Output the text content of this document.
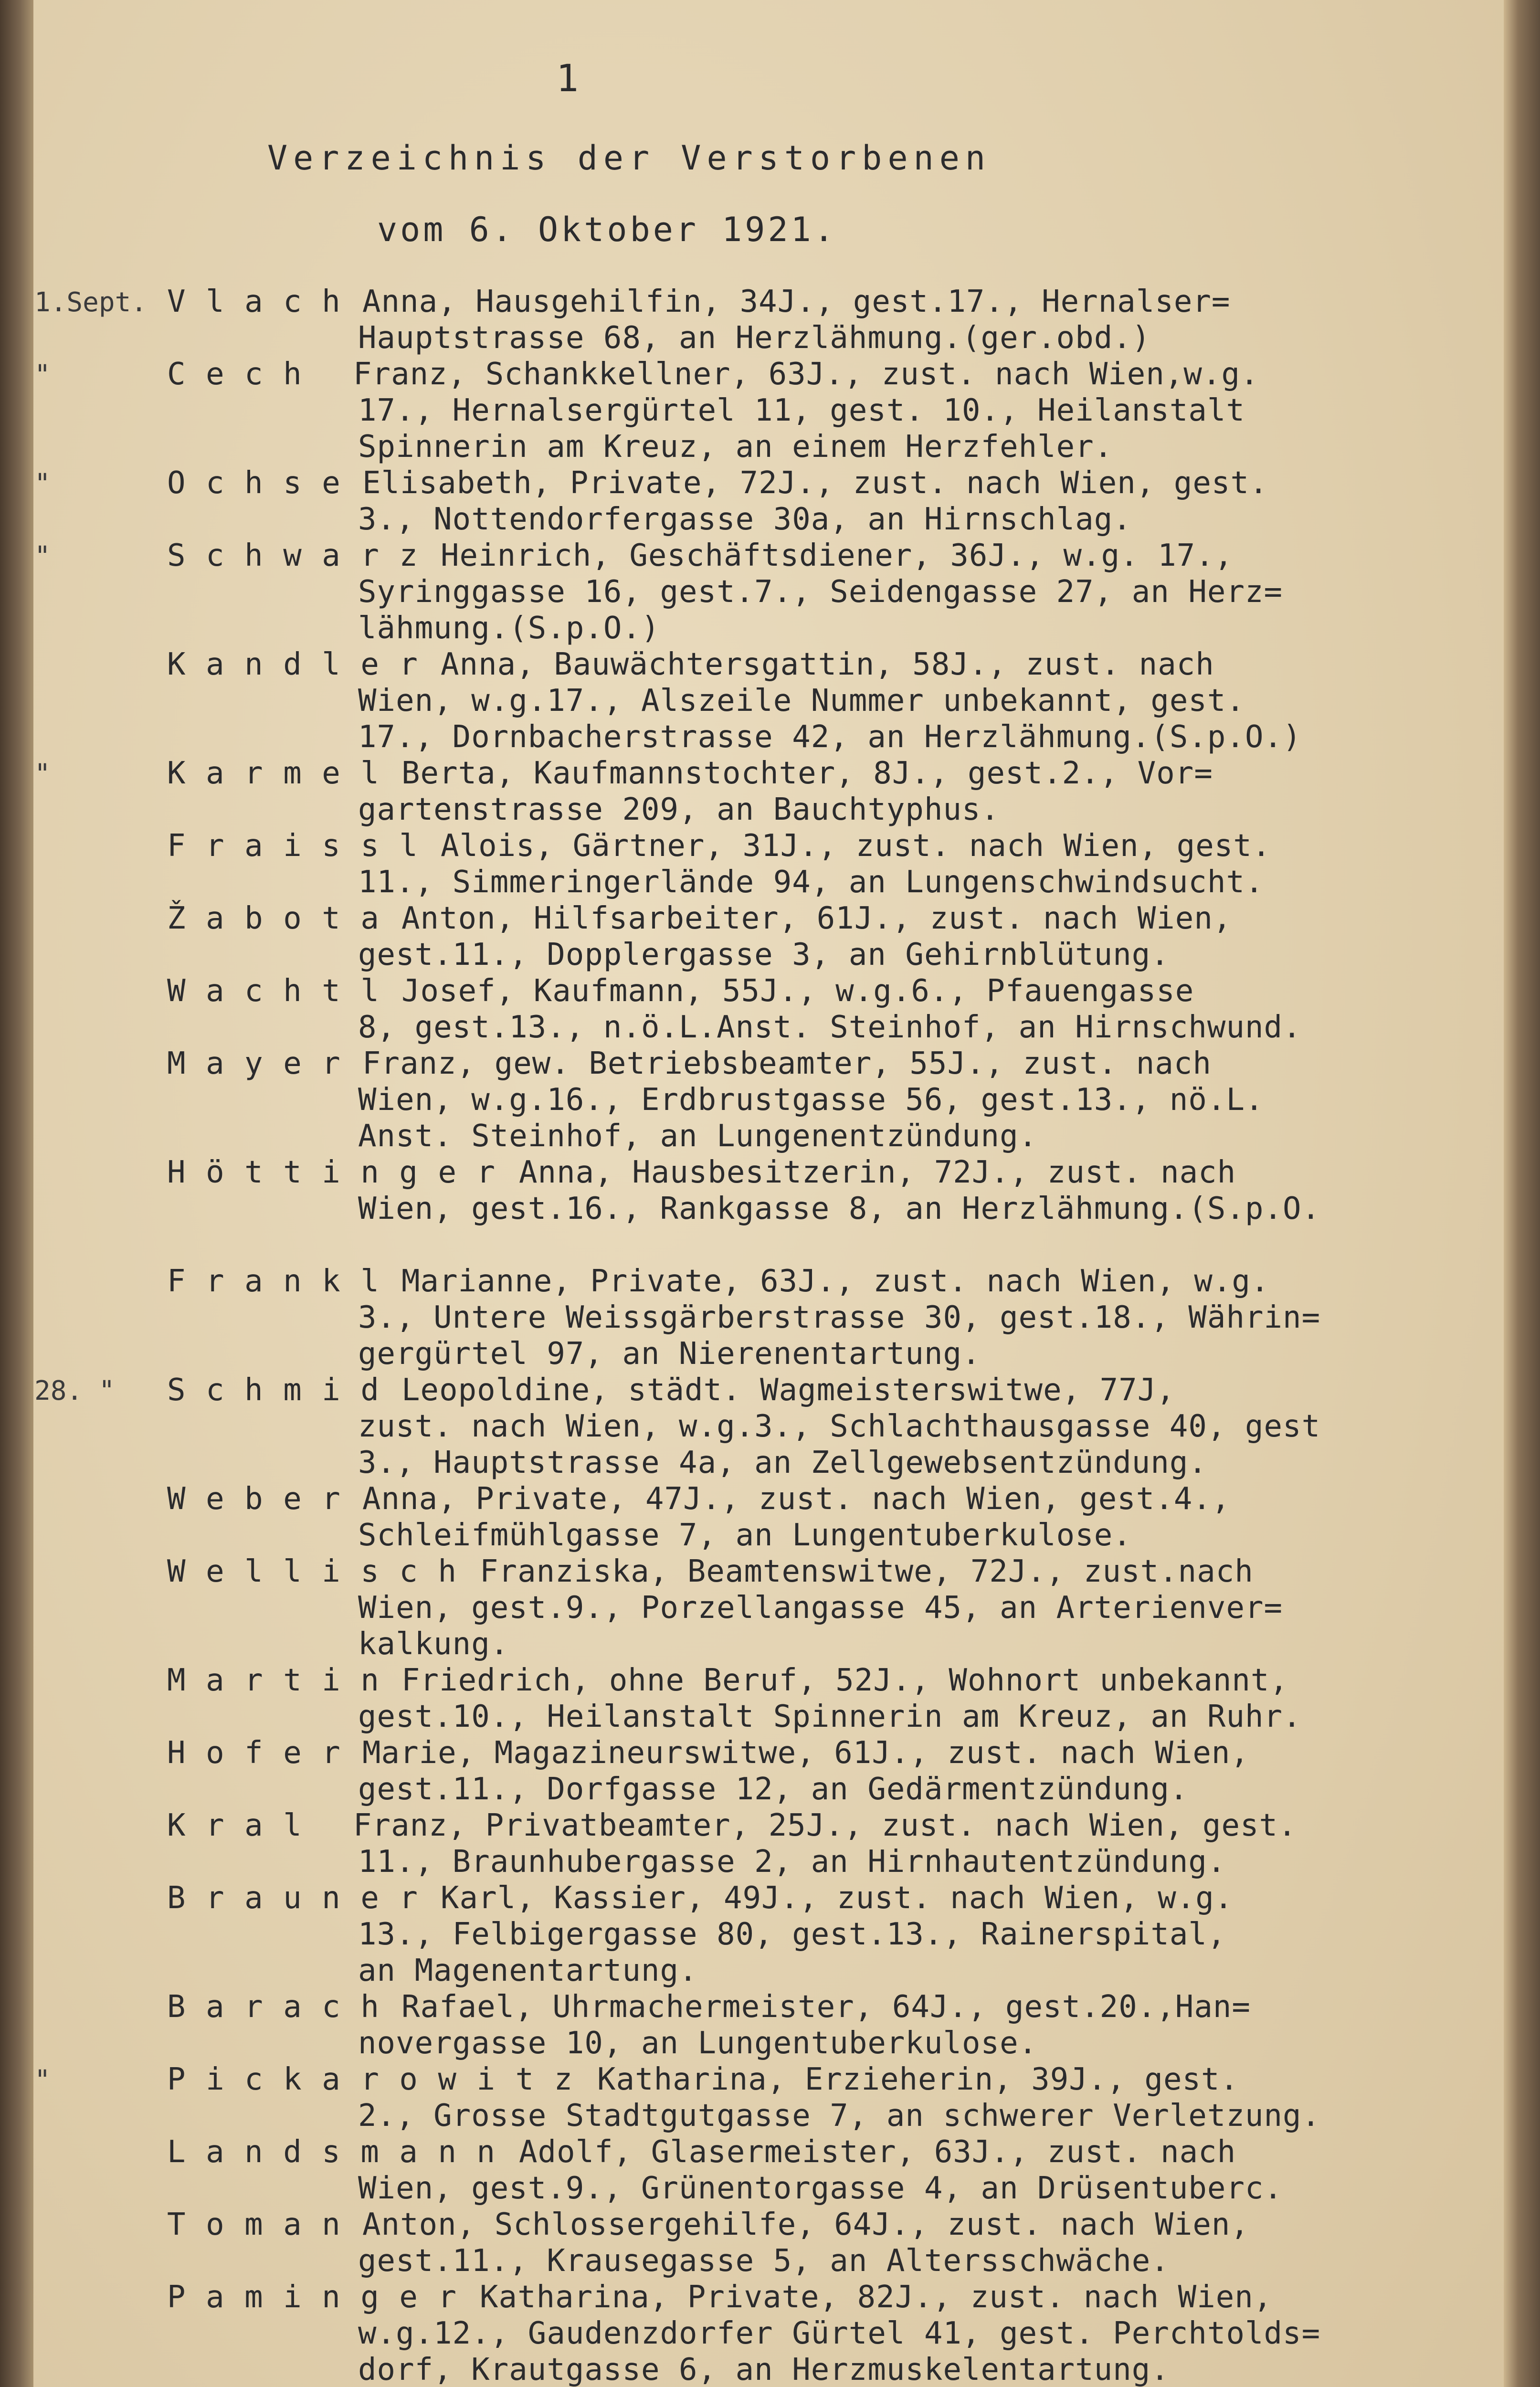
1
Verzeichnis der Verstorbenen
vom 6. Oktober 1921.
1.Sept. V l a c h Anna, Hausgehilfin, 34J., gest.17., Hernalser=
Hauptstrasse 68, an Herzlähmung.(ger.obd.)
"	C e c h Franz, Schankkellner, 63J., zust. nach Wien,w.g.
17., Hernalsergürtel 11, gest. 10., Heilanstalt
Spinnerin am Kreuz, an einem Herzfehler.
"	O c h s e Elisabeth, Private, 72J., zust. nach Wien, gest.
3., Nottendorfergasse 30a, an Hirnschlag.
"	S c h w a r z Heinrich, Geschäftsdiener, 36J., w.g. 17.,
Syringgasse 16, gest.7., Seidengasse 27, an Herz=
lähmung.(S.p.O.)
K a n d l e r Anna, Bauwächtersgattin, 58J., zust. nach
Wien, w.g.17., Alszeile Nummer unbekannt, gest.
17., Dornbacherstrasse 42, an Herzlähmung.(S.p.O.)
"	K a r m e l Berta, Kaufmannstochter, 8J., gest.2., Vor=
gartenstrasse 209, an Bauchtyphus.
F r a i s s l Alois, Gärtner, 31J., zust. nach Wien, gest.
11., Simmeringerlände 94, an Lungenschwindsucht.
Ž a b o t a Anton, Hilfsarbeiter, 61J., zust. nach Wien,
gest.11., Dopplergasse 3, an Gehirnblütung.
W a c h t l Josef, Kaufmann, 55J., w.g.6., Pfauengasse
8, gest.13., n.ö.L.Anst. Steinhof, an Hirnschwund.
M a y e r Franz, gew. Betriebsbeamter, 55J., zust. nach
Wien, w.g.16., Erdbrustgasse 56, gest.13., nö.L.
Anst. Steinhof, an Lungenentzündung.
H ö t t i n g e r Anna, Hausbesitzerin, 72J., zust. nach
Wien, gest.16., Rankgasse 8, an Herzlähmung.(S.p.O.
F r a n k l Marianne, Private, 63J., zust. nach Wien, w.g.
3., Untere Weissgärberstrasse 30, gest.18., Währin=
gergürtel 97, an Nierenentartung.
28. " S c h m i d Leopoldine, städt. Wagmeisterswitwe, 77J,
zust. nach Wien, w.g.3., Schlachthausgasse 40, gest
3., Hauptstrasse 4a, an Zellgewebsentzündung.
W e b e r Anna, Private, 47J., zust. nach Wien, gest.4.,
Schleifmühlgasse 7, an Lungentuberkulose.
W e l l i s c h Franziska, Beamtenswitwe, 72J., zust.nach
Wien, gest.9., Porzellangasse 45, an Arterienver=
kalkung.
M a r t i n Friedrich, ohne Beruf, 52J., Wohnort unbekannt,
gest.10., Heilanstalt Spinnerin am Kreuz, an Ruhr.
H o f e r Marie, Magazineurswitwe, 61J., zust. nach Wien,
gest.11., Dorfgasse 12, an Gedärmentzündung.
K r a l Franz, Privatbeamter, 25J., zust. nach Wien, gest.
11., Braunhubergasse 2, an Hirnhautentzündung.
B r a u n e r Karl, Kassier, 49J., zust. nach Wien, w.g.
13., Felbigergasse 80, gest.13., Rainerspital,
an Magenentartung.
B a r a c h Rafael, Uhrmachermeister, 64J., gest.20.,Han=
novergasse 10, an Lungentuberkulose.
"	P i c k a r o w i t z Katharina, Erzieherin, 39J., gest.
2., Grosse Stadtgutgasse 7, an schwerer Verletzung.
L a n d s m a n n Adolf, Glasermeister, 63J., zust. nach
Wien, gest.9., Grünentorgasse 4, an Drüsentuberc.
T o m a n Anton, Schlossergehilfe, 64J., zust. nach Wien,
gest.11., Krausegasse 5, an Altersschwäche.
P a m i n g e r Katharina, Private, 82J., zust. nach Wien,
w.g.12., Gaudenzdorfer Gürtel 41, gest. Perchtolds=
dorf, Krautgasse 6, an Herzmuskelentartung.
